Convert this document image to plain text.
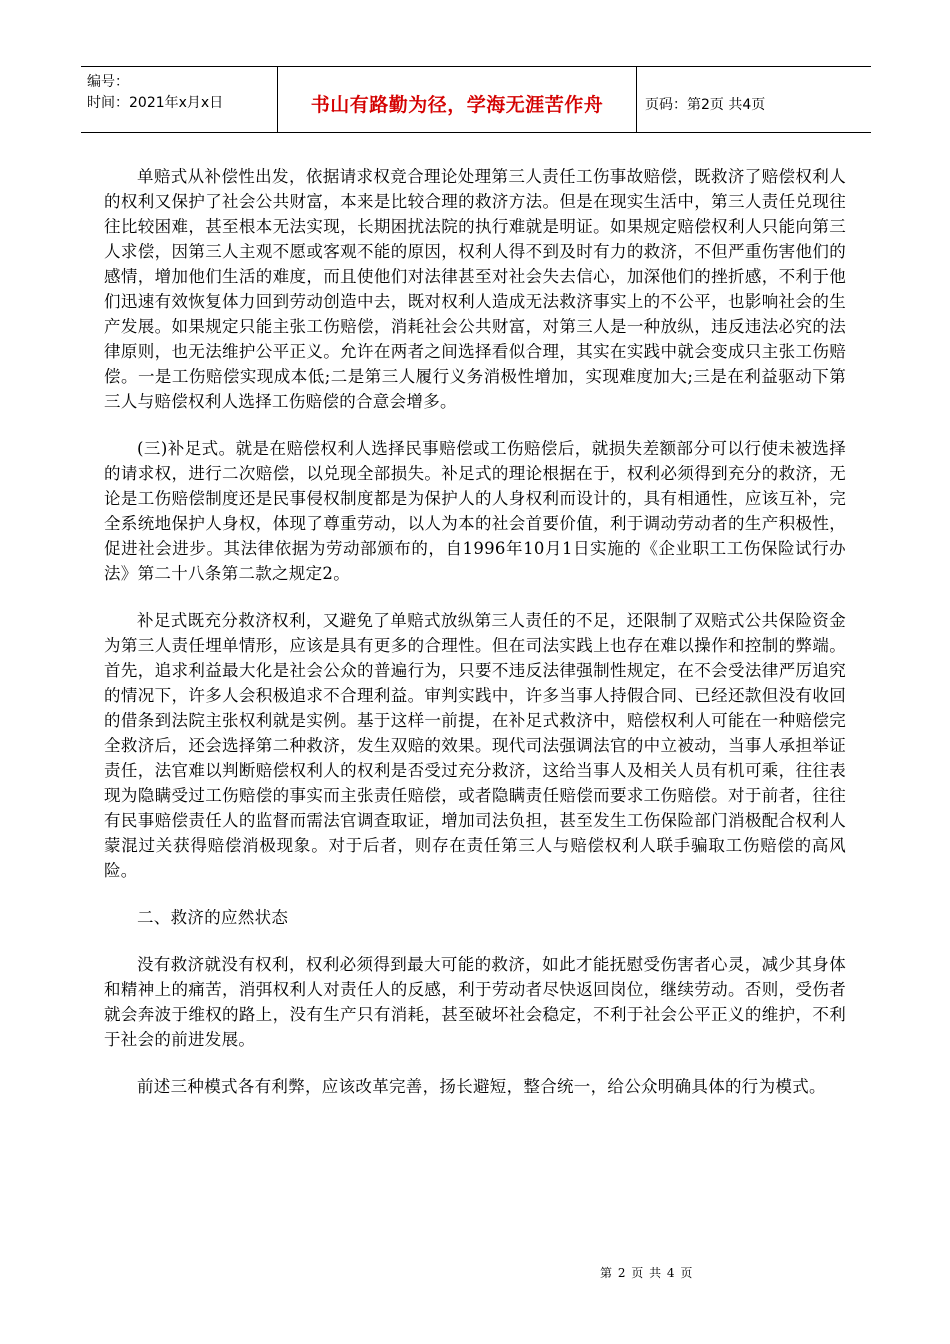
编号：
时间：2021年x月x日	书山有路勤为径，学海无涯苦作舟	页码：第2页 共4页

单赔式从补偿性出发，依据请求权竞合理论处理第三人责任工伤事故赔偿，既救济了赔偿权利人的权利又保护了社会公共财富，本来是比较合理的救济方法。但是在现实生活中，第三人责任兑现往往比较困难，甚至根本无法实现，长期困扰法院的执行难就是明证。如果规定赔偿权利人只能向第三人求偿，因第三人主观不愿或客观不能的原因，权利人得不到及时有力的救济，不但严重伤害他们的感情，增加他们生活的难度，而且使他们对法律甚至对社会失去信心，加深他们的挫折感，不利于他们迅速有效恢复体力回到劳动创造中去，既对权利人造成无法救济事实上的不公平，也影响社会的生产发展。如果规定只能主张工伤赔偿，消耗社会公共财富，对第三人是一种放纵，违反违法必究的法律原则，也无法维护公平正义。允许在两者之间选择看似合理，其实在实践中就会变成只主张工伤赔偿。一是工伤赔偿实现成本低;二是第三人履行义务消极性增加，实现难度加大;三是在利益驱动下第三人与赔偿权利人选择工伤赔偿的合意会增多。

(三)补足式。就是在赔偿权利人选择民事赔偿或工伤赔偿后，就损失差额部分可以行使未被选择的请求权，进行二次赔偿，以兑现全部损失。补足式的理论根据在于，权利必须得到充分的救济，无论是工伤赔偿制度还是民事侵权制度都是为保护人的人身权利而设计的，具有相通性，应该互补，完全系统地保护人身权，体现了尊重劳动，以人为本的社会首要价值，利于调动劳动者的生产积极性，促进社会进步。其法律依据为劳动部颁布的，自1996年10月1日实施的《企业职工工伤保险试行办法》第二十八条第二款之规定2。

补足式既充分救济权利，又避免了单赔式放纵第三人责任的不足，还限制了双赔式公共保险资金为第三人责任埋单情形，应该是具有更多的合理性。但在司法实践上也存在难以操作和控制的弊端。首先，追求利益最大化是社会公众的普遍行为，只要不违反法律强制性规定，在不会受法律严厉追究的情况下，许多人会积极追求不合理利益。审判实践中，许多当事人持假合同、已经还款但没有收回的借条到法院主张权利就是实例。基于这样一前提，在补足式救济中，赔偿权利人可能在一种赔偿完全救济后，还会选择第二种救济，发生双赔的效果。现代司法强调法官的中立被动，当事人承担举证责任，法官难以判断赔偿权利人的权利是否受过充分救济，这给当事人及相关人员有机可乘，往往表现为隐瞒受过工伤赔偿的事实而主张责任赔偿，或者隐瞒责任赔偿而要求工伤赔偿。对于前者，往往有民事赔偿责任人的监督而需法官调查取证，增加司法负担，甚至发生工伤保险部门消极配合权利人蒙混过关获得赔偿消极现象。对于后者，则存在责任第三人与赔偿权利人联手骗取工伤赔偿的高风险。

二、救济的应然状态

没有救济就没有权利，权利必须得到最大可能的救济，如此才能抚慰受伤害者心灵，减少其身体和精神上的痛苦，消弭权利人对责任人的反感，利于劳动者尽快返回岗位，继续劳动。否则，受伤者就会奔波于维权的路上，没有生产只有消耗，甚至破坏社会稳定，不利于社会公平正义的维护，不利于社会的前进发展。

前述三种模式各有利弊，应该改革完善，扬长避短，整合统一，给公众明确具体的行为模式。

第 2 页 共 4 页
